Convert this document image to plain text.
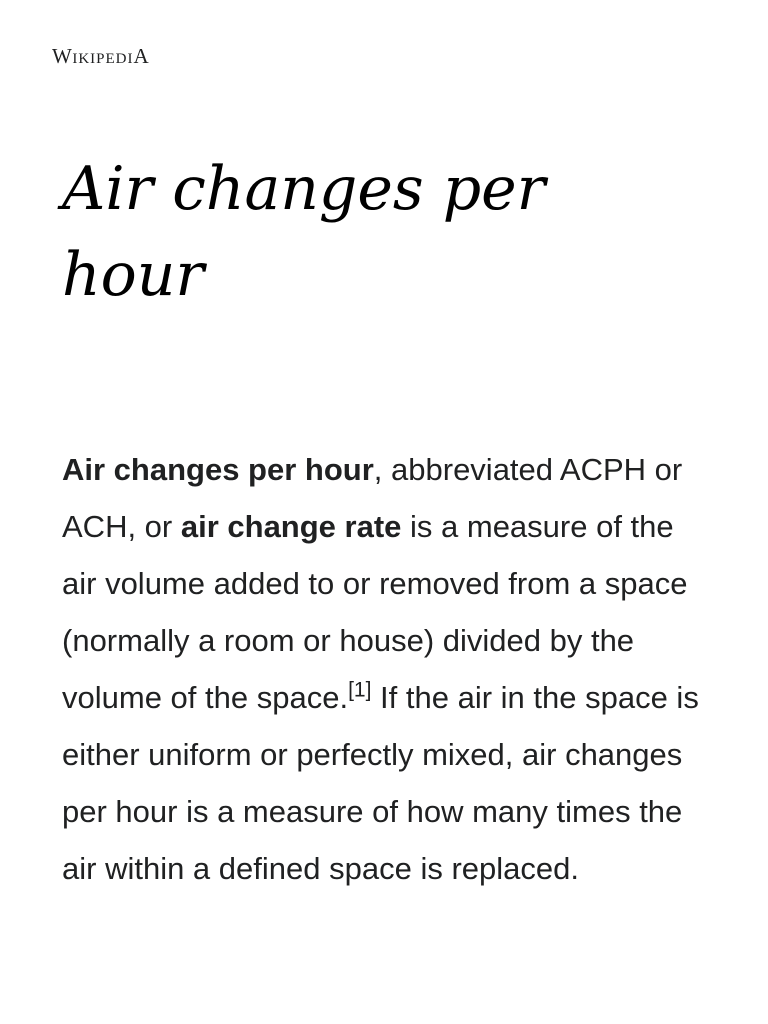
WIKIPEDIA
Air changes per hour

Air changes per hour, abbreviated ACPH or ACH, or air change rate is a measure of the air volume added to or removed from a space (normally a room or house) divided by the volume of the space.[1] If the air in the space is either uniform or perfectly mixed, air changes per hour is a measure of how many times the air within a defined space is replaced.
